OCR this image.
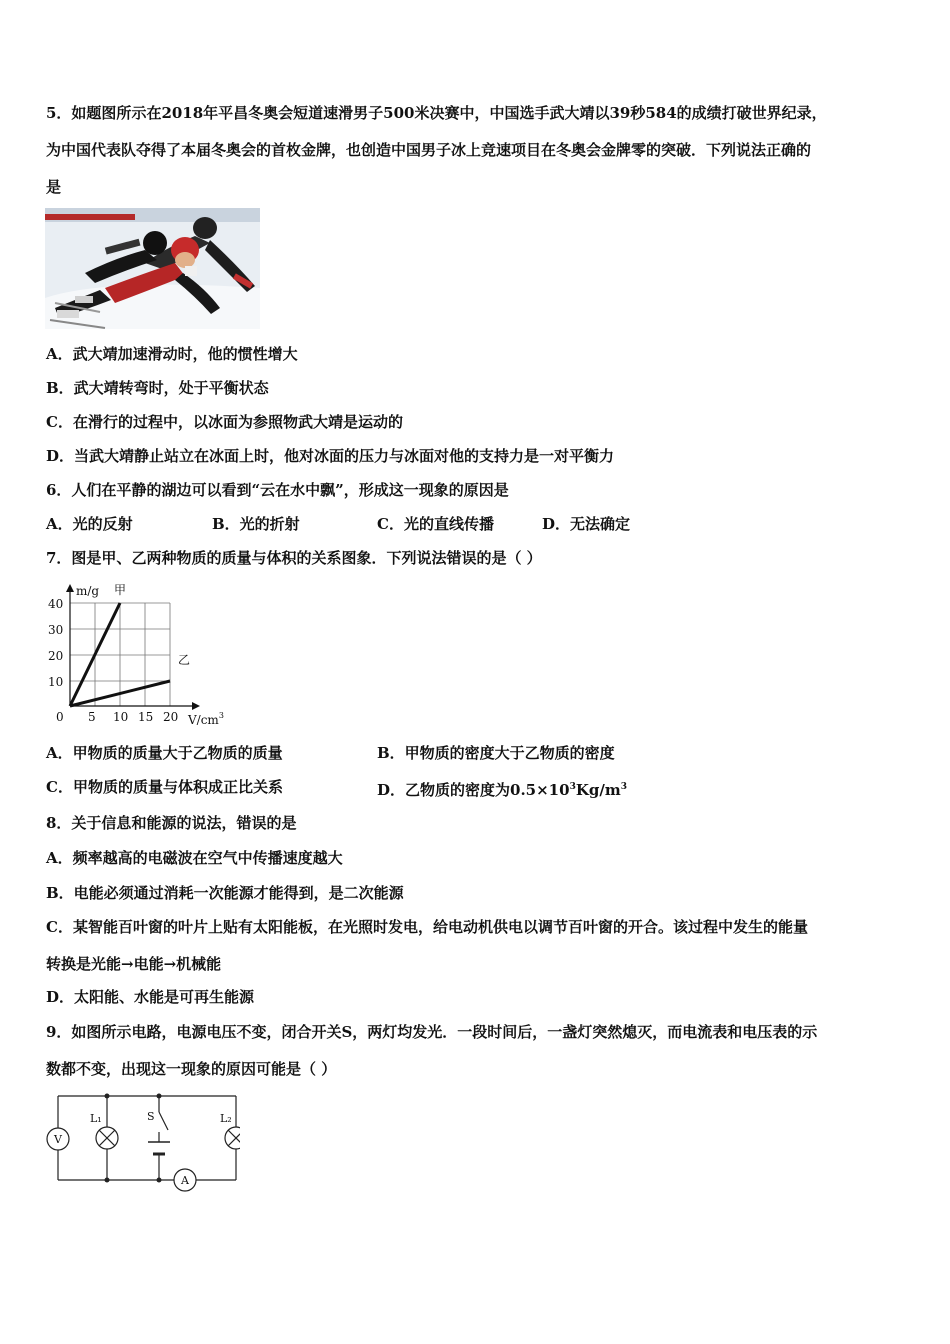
5．如题图所示在2018年平昌冬奥会短道速滑男子500米决赛中，中国选手武大靖以39秒584的成绩打破世界纪录，
为中国代表队夺得了本届冬奥会的首枚金牌，也创造中国男子冰上竞速项目在冬奥会金牌零的突破．下列说法正确的
是
A．武大靖加速滑动时，他的惯性增大
B．武大靖转弯时，处于平衡状态
C．在滑行的过程中，以冰面为参照物武大靖是运动的
D．当武大靖静止站立在冰面上时，他对冰面的压力与冰面对他的支持力是一对平衡力
6．人们在平静的湖边可以看到“云在水中飘”，形成这一现象的原因是
A．光的反射	B．光的折射	C．光的直线传播	D．无法确定
7．图是甲、乙两种物质的质量与体积的关系图象．下列说法错误的是（ ）
m/g 甲
乙
40
30
20
10
0 5 10 15 20 $V/cm^3$
A．甲物质的质量大于乙物质的质量	B．甲物质的密度大于乙物质的密度
C．甲物质的质量与体积成正比关系	D．乙物质的密度为$0.5\times 10^3Kg/m^3$
8．关于信息和能源的说法，错误的是
A．频率越高的电磁波在空气中传播速度越大
B．电能必须通过消耗一次能源才能得到，是二次能源
C．某智能百叶窗的叶片上贴有太阳能板，在光照时发电，给电动机供电以调节百叶窗的开合。该过程中发生的能量
转换是光能→电能→机械能
D．太阳能、水能是可再生能源
9．如图所示电路，电源电压不变，闭合开关S，两灯均发光．一段时间后，一盏灯突然熄灭，而电流表和电压表的示
数都不变，出现这一现象的原因可能是（ ）
V
A
S
L₁	L₂
